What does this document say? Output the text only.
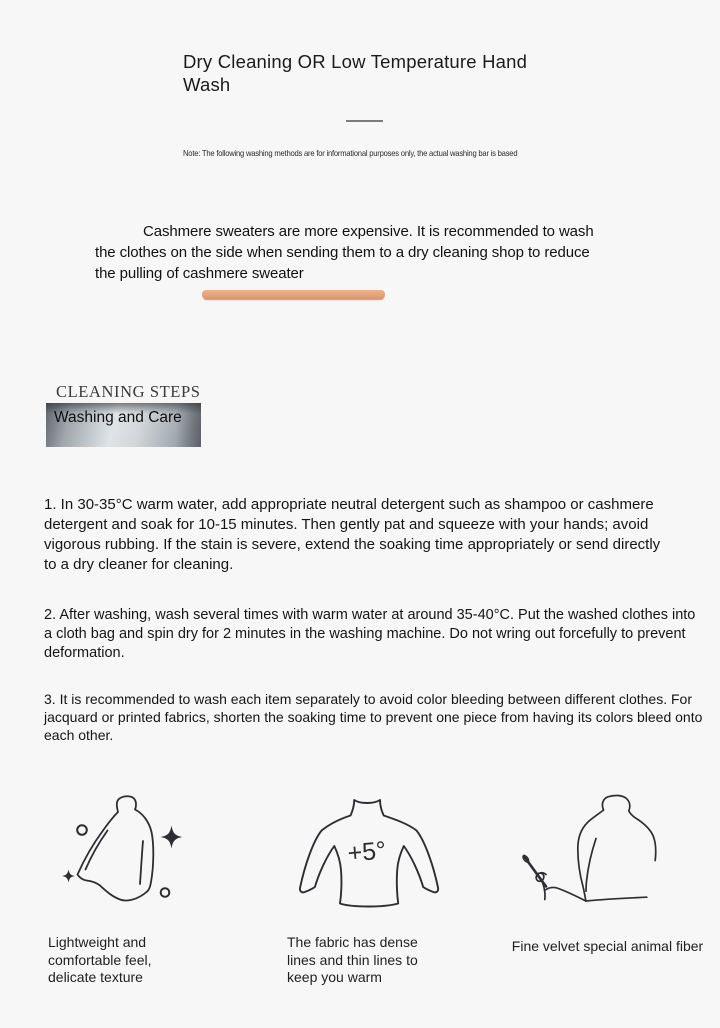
Dry Cleaning OR Low Temperature Hand Wash
Note: The following washing methods are for informational purposes only, the actual washing bar is based
Cashmere sweaters are more expensive. It is recommended to wash the clothes on the side when sending them to a dry cleaning shop to reduce the pulling of cashmere sweater
CLEANING STEPS
Washing and Care

1. In 30-35°C warm water, add appropriate neutral detergent such as shampoo or cashmere detergent and soak for 10-15 minutes. Then gently pat and squeeze with your hands; avoid vigorous rubbing. If the stain is severe, extend the soaking time appropriately or send directly to a dry cleaner for cleaning.

2. After washing, wash several times with warm water at around 35-40°C. Put the washed clothes into a cloth bag and spin dry for 2 minutes in the washing machine. Do not wring out forcefully to prevent deformation.

3. It is recommended to wash each item separately to avoid color bleeding between different clothes. For jacquard or printed fabrics, shorten the soaking time to prevent one piece from having its colors bleed onto each other.

+5°
Lightweight and comfortable feel, delicate texture
The fabric has dense lines and thin lines to keep you warm
Fine velvet special animal fiber
